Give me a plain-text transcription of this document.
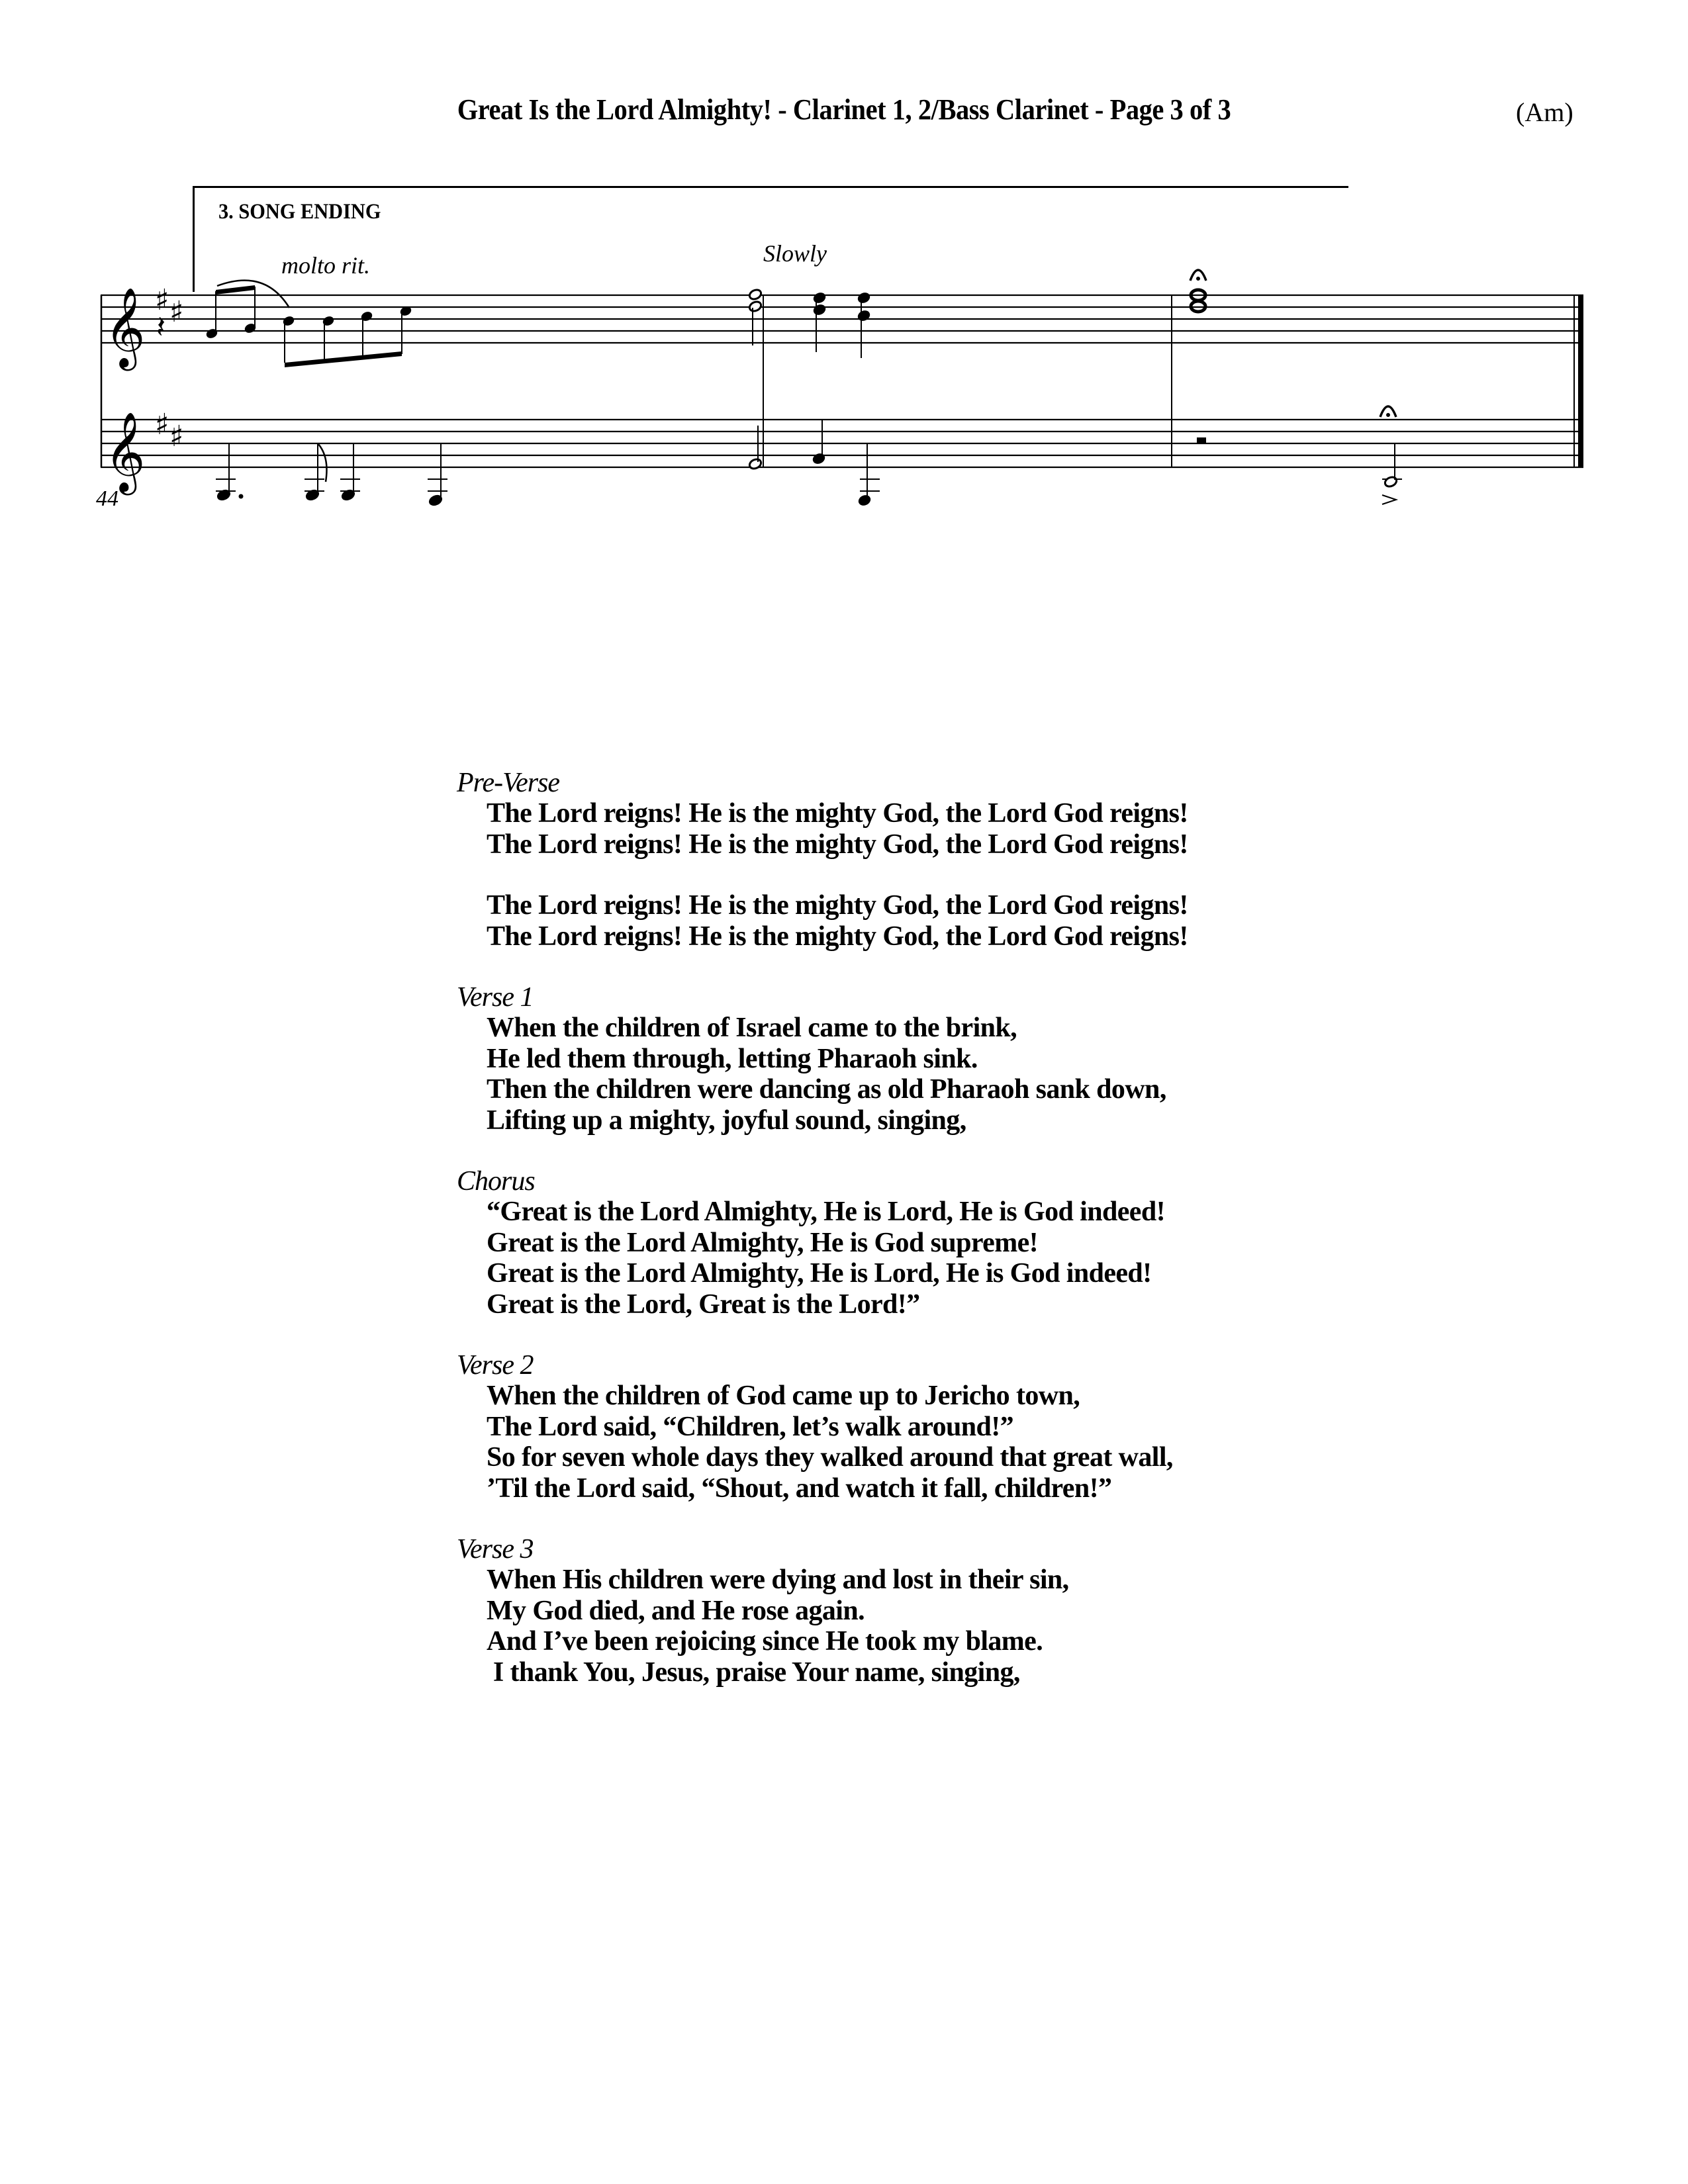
Great Is the Lord Almighty! - Clarinet 1, 2/Bass Clarinet - Page 3 of 3	(Am)
3. SONG ENDING
molto rit.	Slowly
44
𝄞
𝄞
♯ ♯
♯ ♯
𝄽
Pre-Verse
The Lord reigns! He is the mighty God, the Lord God reigns!
The Lord reigns! He is the mighty God, the Lord God reigns!
The Lord reigns! He is the mighty God, the Lord God reigns!
The Lord reigns! He is the mighty God, the Lord God reigns!
Verse 1
When the children of Israel came to the brink,
He led them through, letting Pharaoh sink.
Then the children were dancing as old Pharaoh sank down,
Lifting up a mighty, joyful sound, singing,
Chorus
“Great is the Lord Almighty, He is Lord, He is God indeed!
Great is the Lord Almighty, He is God supreme!
Great is the Lord Almighty, He is Lord, He is God indeed!
Great is the Lord, Great is the Lord!”
Verse 2
When the children of God came up to Jericho town,
The Lord said, “Children, let’s walk around!”
So for seven whole days they walked around that great wall,
’Til the Lord said, “Shout, and watch it fall, children!”
Verse 3
When His children were dying and lost in their sin,
My God died, and He rose again.
And I’ve been rejoicing since He took my blame.
I thank You, Jesus, praise Your name, singing,
